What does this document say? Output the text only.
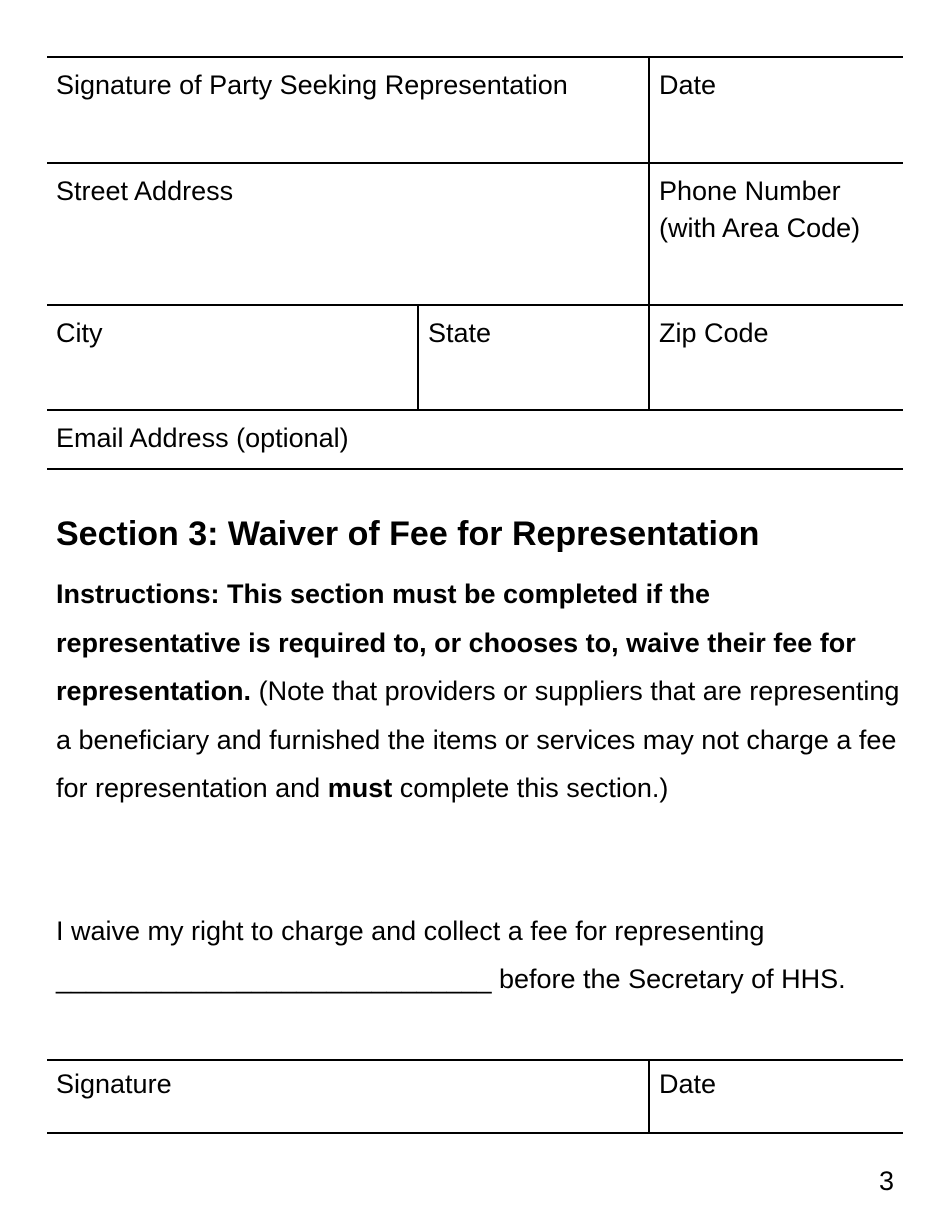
Signature of Party Seeking Representation		Date

Street Address		Phone Number
(with Area Code)

City	State	Zip Code

Email Address (optional)		
Section 3: Waiver of Fee for Representation

Instructions: This section must be completed if the representative is required to, or chooses to, waive their fee for representation. (Note that providers or suppliers that are representing a beneficiary and furnished the items or services may not charge a fee for representation and must complete this section.)

I waive my right to charge and collect a fee for representing
_____________________________ before the Secretary of HHS.

Signature	Date
3
